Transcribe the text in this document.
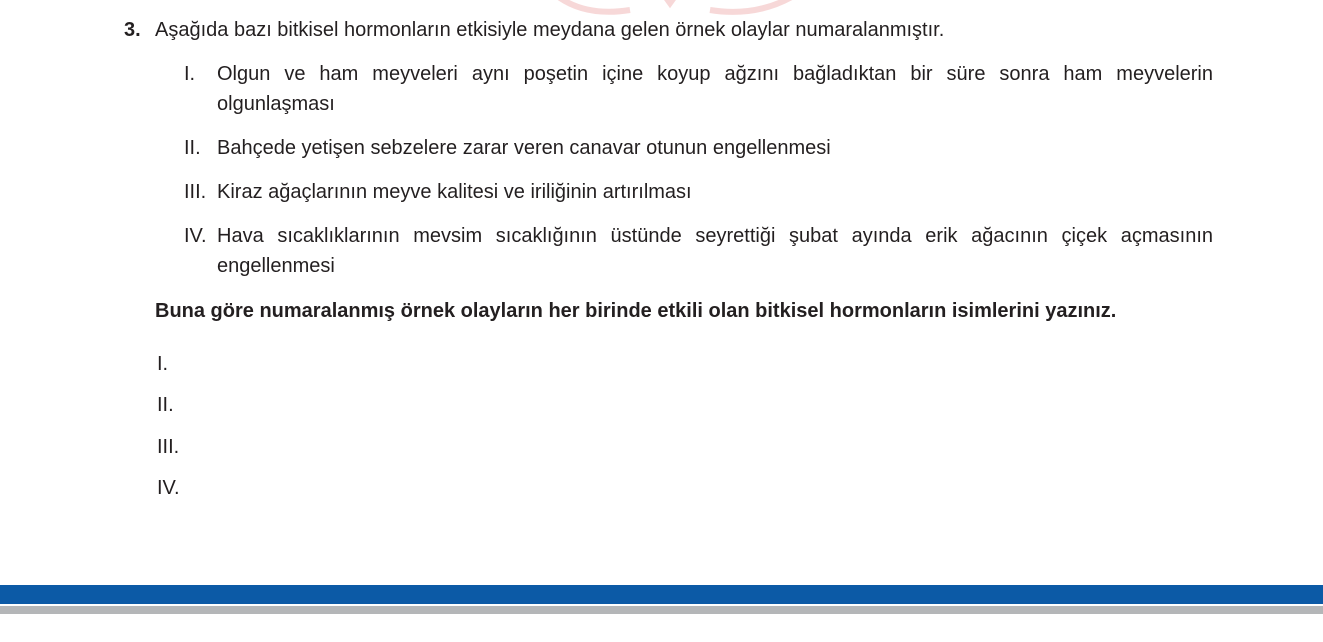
3. Aşağıda bazı bitkisel hormonların etkisiyle meydana gelen örnek olaylar numaralanmıştır.
I. Olgun ve ham meyveleri aynı poşetin içine koyup ağzını bağladıktan bir süre sonra ham meyvelerin olgunlaşması
II. Bahçede yetişen sebzelere zarar veren canavar otunun engellenmesi
III. Kiraz ağaçlarının meyve kalitesi ve iriliğinin artırılması
IV. Hava sıcaklıklarının mevsim sıcaklığının üstünde seyrettiği şubat ayında erik ağacının çiçek açmasının engellenmesi
Buna göre numaralanmış örnek olayların her birinde etkili olan bitkisel hormonların isimlerini yazınız.
I.
II.
III.
IV.
